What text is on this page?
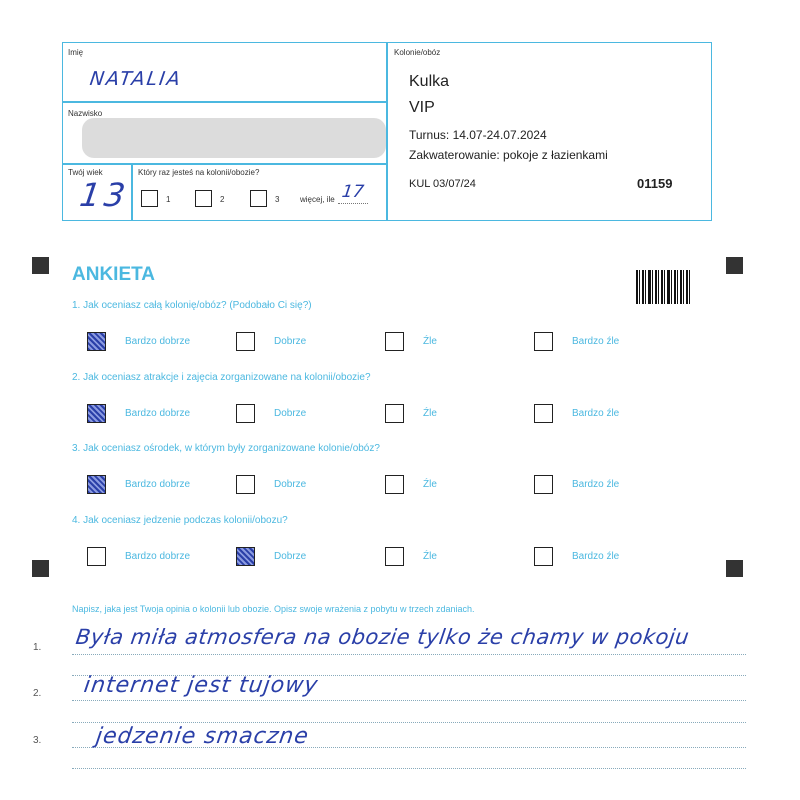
Imię
NATALIA
Nazwisko
Twój wiek
13
Który raz jesteś na kolonii/obozie?
1	2	3	więcej, ile 17
Kolonie/obóz
Kulka
VIP
Turnus: 14.07-24.07.2024
Zakwaterowanie: pokoje z łazienkami
KUL 03/07/24	01159
ANKIETA
1. Jak oceniasz całą kolonię/obóz? (Podobało Ci się?)
Bardzo dobrze	Dobrze	Źle	Bardzo źle
2. Jak oceniasz atrakcje i zajęcia zorganizowane na kolonii/obozie?
Bardzo dobrze	Dobrze	Źle	Bardzo źle
3. Jak oceniasz ośrodek, w którym były zorganizowane kolonie/obóz?
Bardzo dobrze	Dobrze	Źle	Bardzo źle
4. Jak oceniasz jedzenie podczas kolonii/obozu?
Bardzo dobrze	Dobrze	Źle	Bardzo źle
Napisz, jaka jest Twoja opinia o kolonii lub obozie. Opisz swoje wrażenia z pobytu w trzech zdaniach.
1.
2.
3.
Była miła atmosfera na obozie tylko że chamy w pokoju
internet jest tujowy
jedzenie smaczne
